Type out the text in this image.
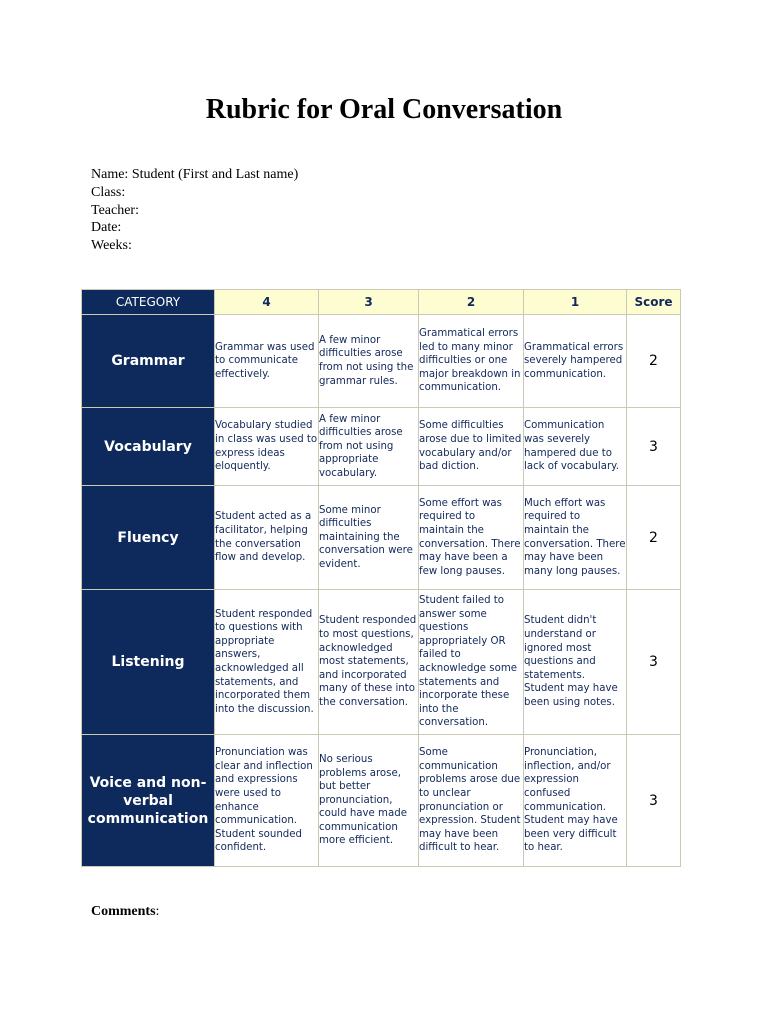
Rubric for Oral Conversation
Name: Student (First and Last name)
Class:
Teacher:
Date:
Weeks:
CATEGORY	4	3	2	1	Score
Grammar	Grammar was used to communicate effectively.	A few minor difficulties arose from not using the grammar rules.	Grammatical errors led to many minor difficulties or one major breakdown in communication.	Grammatical errors severely hampered communication.	2
Vocabulary	Vocabulary studied in class was used to express ideas eloquently.	A few minor difficulties arose from not using appropriate vocabulary.	Some difficulties arose due to limited vocabulary and/or bad diction.	Communication was severely hampered due to lack of vocabulary.	3
Fluency	Student acted as a facilitator, helping the conversation flow and develop.	Some minor difficulties maintaining the conversation were evident.	Some effort was required to maintain the conversation. There may have been a few long pauses.	Much effort was required to maintain the conversation. There may have been many long pauses.	2
Listening	Student responded to questions with appropriate answers, acknowledged all statements, and incorporated them into the discussion.	Student responded to most questions, acknowledged most statements, and incorporated many of these into the conversation.	Student failed to answer some questions appropriately OR failed to acknowledge some statements and incorporate these into the conversation.	Student didn't understand or ignored most questions and statements. Student may have been using notes.	3
Voice and non-verbal communication	Pronunciation was clear and inflection and expressions were used to enhance communication. Student sounded confident.	No serious problems arose, but better pronunciation, could have made communication more efficient.	Some communication problems arose due to unclear pronunciation or expression. Student may have been difficult to hear.	Pronunciation, inflection, and/or expression confused communication. Student may have been very difficult to hear.	3
Comments:
